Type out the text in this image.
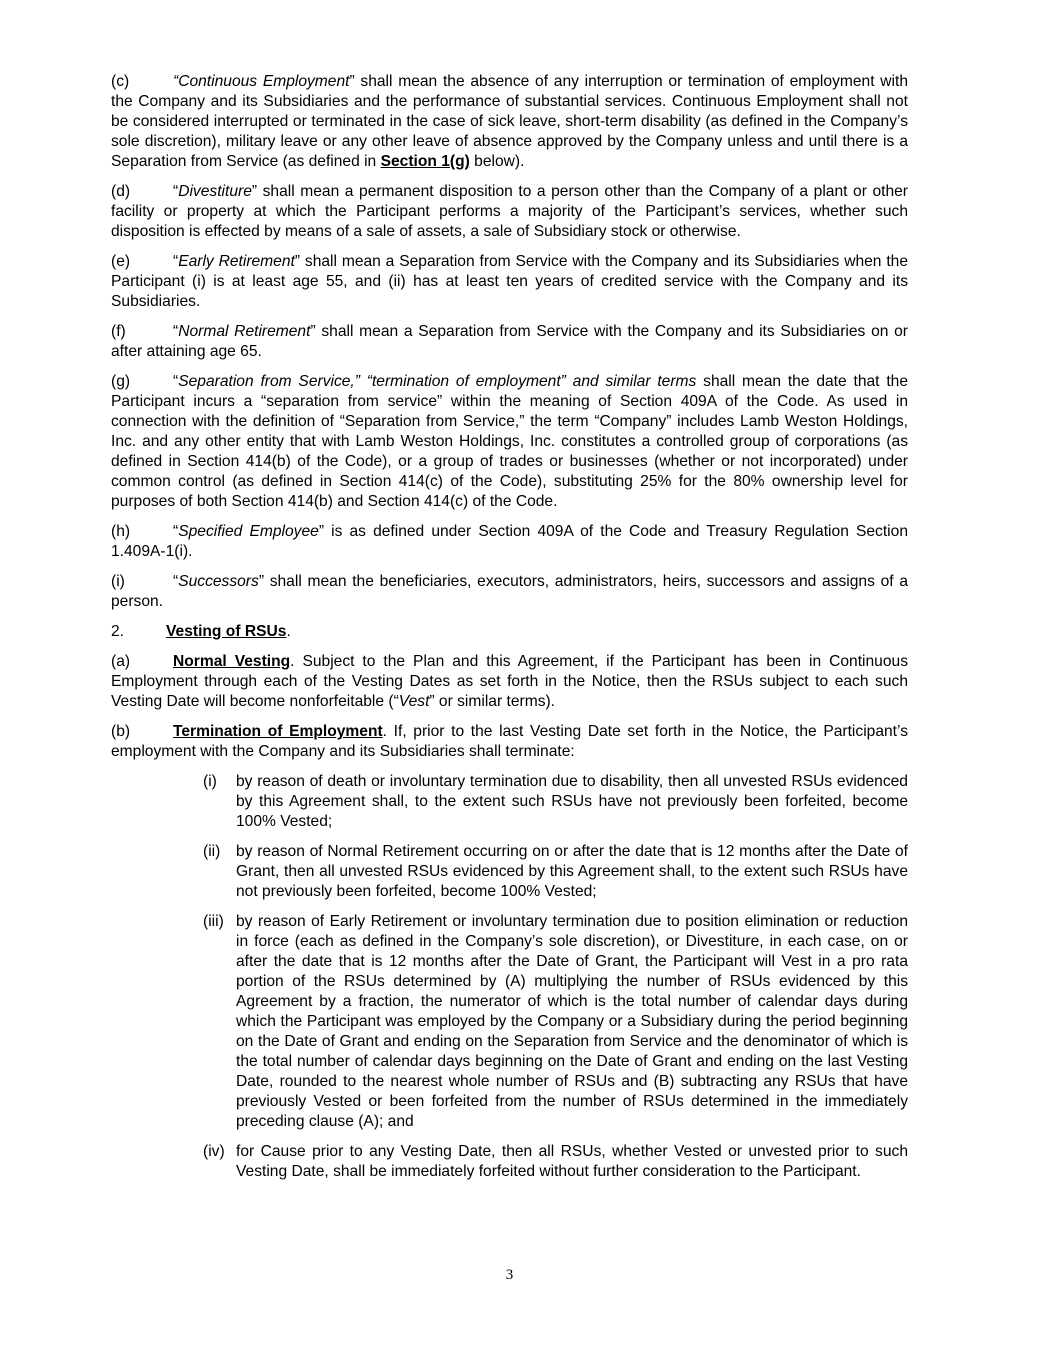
(c)	“Continuous Employment” shall mean the absence of any interruption or termination of employment with the Company and its Subsidiaries and the performance of substantial services. Continuous Employment shall not be considered interrupted or terminated in the case of sick leave, short-term disability (as defined in the Company’s sole discretion), military leave or any other leave of absence approved by the Company unless and until there is a Separation from Service (as defined in Section 1(g) below).

(d)	“Divestiture” shall mean a permanent disposition to a person other than the Company of a plant or other facility or property at which the Participant performs a majority of the Participant’s services, whether such disposition is effected by means of a sale of assets, a sale of Subsidiary stock or otherwise.

(e)	“Early Retirement” shall mean a Separation from Service with the Company and its Subsidiaries when the Participant (i) is at least age 55, and (ii) has at least ten years of credited service with the Company and its Subsidiaries.

(f)	“Normal Retirement” shall mean a Separation from Service with the Company and its Subsidiaries on or after attaining age 65.

(g)	“Separation from Service,” “termination of employment” and similar terms shall mean the date that the Participant incurs a “separation from service” within the meaning of Section 409A of the Code. As used in connection with the definition of “Separation from Service,” the term “Company” includes Lamb Weston Holdings, Inc. and any other entity that with Lamb Weston Holdings, Inc. constitutes a controlled group of corporations (as defined in Section 414(b) of the Code), or a group of trades or businesses (whether or not incorporated) under common control (as defined in Section 414(c) of the Code), substituting 25% for the 80% ownership level for purposes of both Section 414(b) and Section 414(c) of the Code.

(h)	“Specified Employee” is as defined under Section 409A of the Code and Treasury Regulation Section 1.409A-1(i).

(i)	“Successors” shall mean the beneficiaries, executors, administrators, heirs, successors and assigns of a person.

2.	Vesting of RSUs.

(a)	Normal Vesting. Subject to the Plan and this Agreement, if the Participant has been in Continuous Employment through each of the Vesting Dates as set forth in the Notice, then the RSUs subject to each such Vesting Date will become nonforfeitable (“Vest” or similar terms).

(b)	Termination of Employment. If, prior to the last Vesting Date set forth in the Notice, the Participant’s employment with the Company and its Subsidiaries shall terminate:

(i) by reason of death or involuntary termination due to disability, then all unvested RSUs evidenced by this Agreement shall, to the extent such RSUs have not previously been forfeited, become 100% Vested;
(ii) by reason of Normal Retirement occurring on or after the date that is 12 months after the Date of Grant, then all unvested RSUs evidenced by this Agreement shall, to the extent such RSUs have not previously been forfeited, become 100% Vested;
(iii) by reason of Early Retirement or involuntary termination due to position elimination or reduction in force (each as defined in the Company’s sole discretion), or Divestiture, in each case, on or after the date that is 12 months after the Date of Grant, the Participant will Vest in a pro rata portion of the RSUs determined by (A) multiplying the number of RSUs evidenced by this Agreement by a fraction, the numerator of which is the total number of calendar days during which the Participant was employed by the Company or a Subsidiary during the period beginning on the Date of Grant and ending on the Separation from Service and the denominator of which is the total number of calendar days beginning on the Date of Grant and ending on the last Vesting Date, rounded to the nearest whole number of RSUs and (B) subtracting any RSUs that have previously Vested or been forfeited from the number of RSUs determined in the immediately preceding clause (A); and
(iv) for Cause prior to any Vesting Date, then all RSUs, whether Vested or unvested prior to such Vesting Date, shall be immediately forfeited without further consideration to the Participant.
3
